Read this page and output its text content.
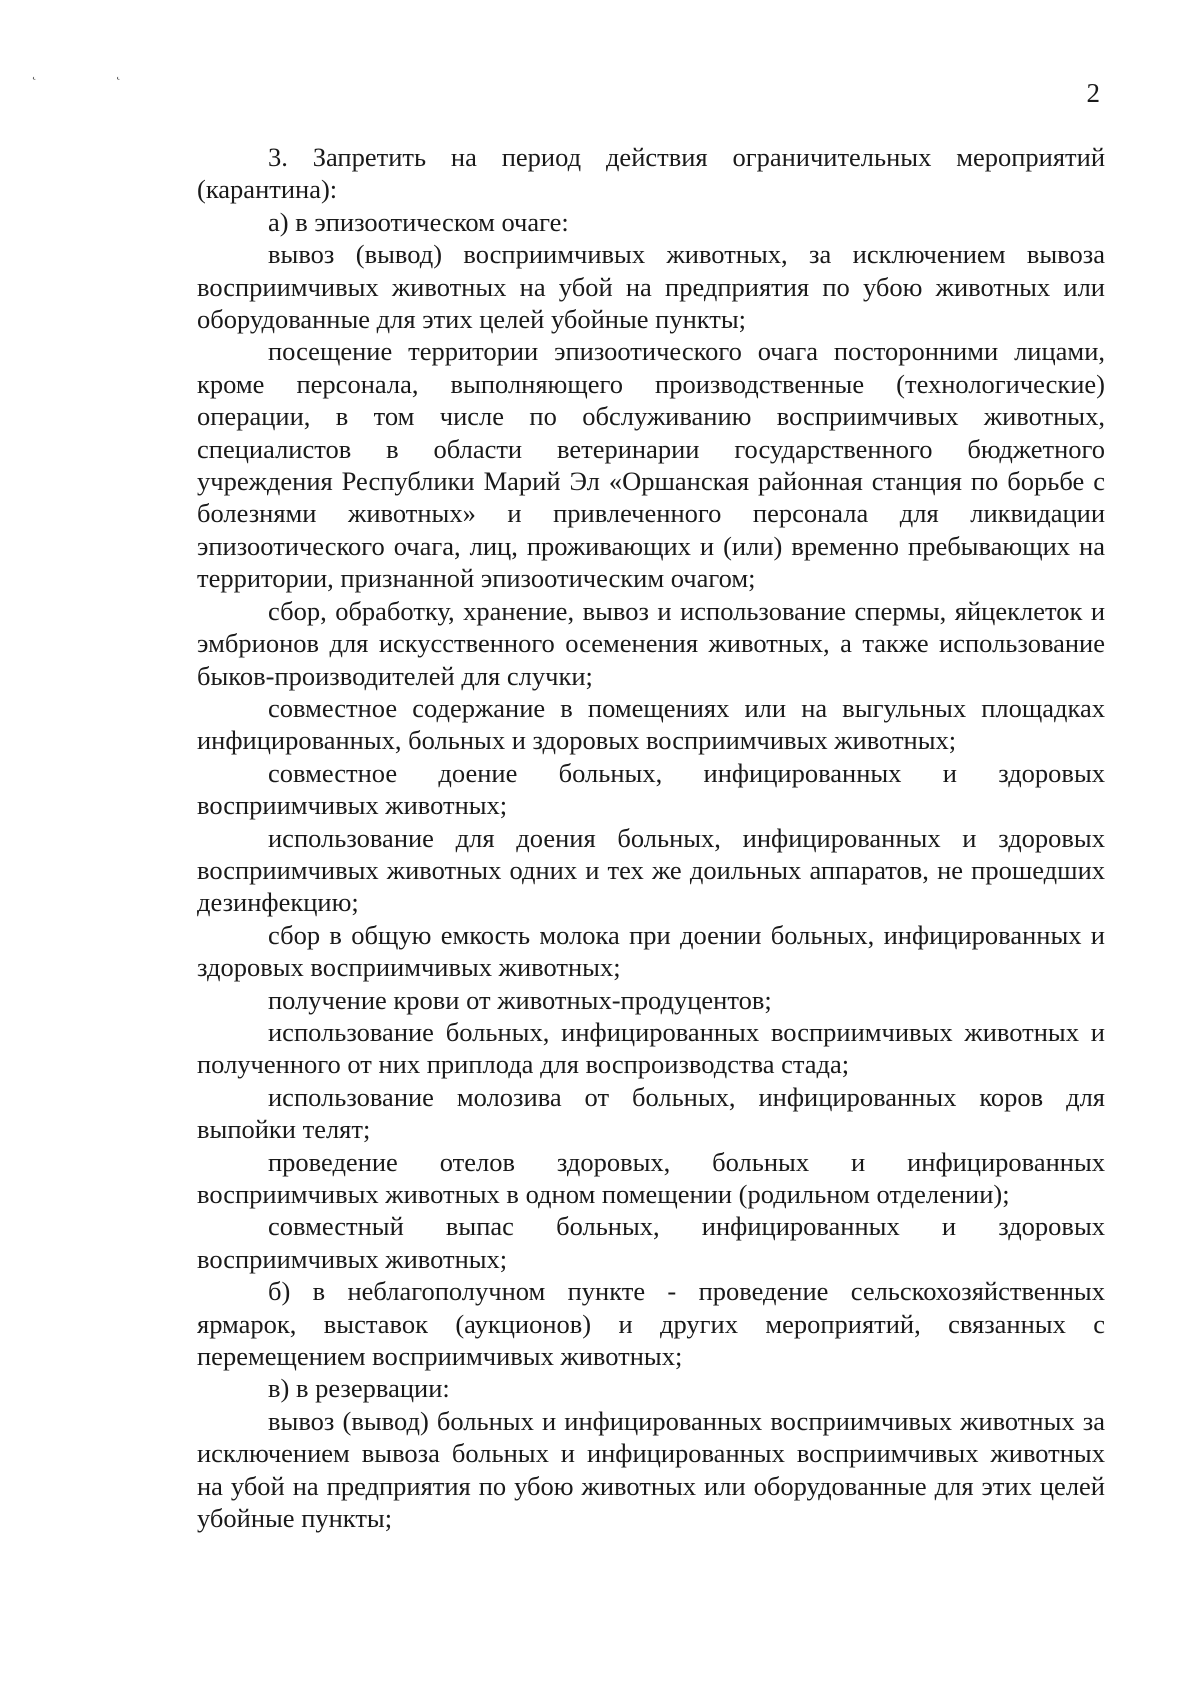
˛ ˛
2

3. Запретить на период действия ограничительных мероприятий (карантина):

а) в эпизоотическом очаге:

вывоз (вывод) восприимчивых животных, за исключением вывоза восприимчивых животных на убой на предприятия по убою животных или оборудованные для этих целей убойные пункты;

посещение территории эпизоотического очага посторонними лицами, кроме персонала, выполняющего производственные (технологические) операции, в том числе по обслуживанию восприимчивых животных, специалистов в области ветеринарии государственного бюджетного учреждения Республики Марий Эл «Оршанская районная станция по борьбе с болезнями животных» и привлеченного персонала для ликвидации эпизоотического очага, лиц, проживающих и (или) временно пребывающих на территории, признанной эпизоотическим очагом;

сбор, обработку, хранение, вывоз и использование спермы, яйцеклеток и эмбрионов для искусственного осеменения животных, а также использование быков-производителей для случки;

совместное содержание в помещениях или на выгульных площадках инфицированных, больных и здоровых восприимчивых животных;

совместное доение больных, инфицированных и здоровых восприимчивых животных;

использование для доения больных, инфицированных и здоровых восприимчивых животных одних и тех же доильных аппаратов, не прошедших дезинфекцию;

сбор в общую емкость молока при доении больных, инфицированных и здоровых восприимчивых животных;

получение крови от животных-продуцентов;

использование больных, инфицированных восприимчивых животных и полученного от них приплода для воспроизводства стада;

использование молозива от больных, инфицированных коров для выпойки телят;

проведение отелов здоровых, больных и инфицированных восприимчивых животных в одном помещении (родильном отделении);

совместный выпас больных, инфицированных и здоровых восприимчивых животных;

б) в неблагополучном пункте - проведение сельскохозяйственных ярмарок, выставок (аукционов) и других мероприятий, связанных с перемещением восприимчивых животных;

в) в резервации:

вывоз (вывод) больных и инфицированных восприимчивых животных за исключением вывоза больных и инфицированных восприимчивых животных на убой на предприятия по убою животных или оборудованные для этих целей убойные пункты;
